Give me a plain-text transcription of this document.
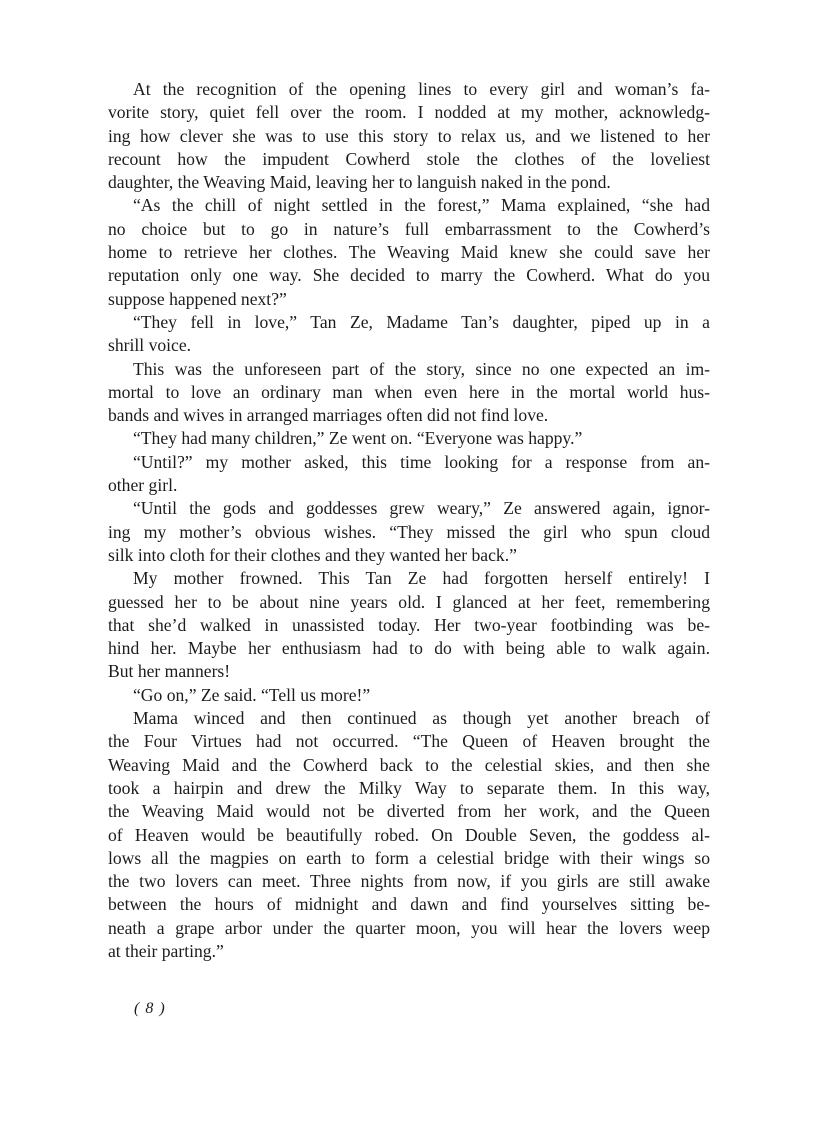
At the recognition of the opening lines to every girl and woman’s fa-

vorite story, quiet fell over the room. I nodded at my mother, acknowledg-

ing how clever she was to use this story to relax us, and we listened to her

recount how the impudent Cowherd stole the clothes of the loveliest

daughter, the Weaving Maid, leaving her to languish naked in the pond.

“As the chill of night settled in the forest,” Mama explained, “she had

no choice but to go in nature’s full embarrassment to the Cowherd’s

home to retrieve her clothes. The Weaving Maid knew she could save her

reputation only one way. She decided to marry the Cowherd. What do you

suppose happened next?”

“They fell in love,” Tan Ze, Madame Tan’s daughter, piped up in a

shrill voice.

This was the unforeseen part of the story, since no one expected an im-

mortal to love an ordinary man when even here in the mortal world hus-

bands and wives in arranged marriages often did not find love.

“They had many children,” Ze went on. “Everyone was happy.”

“Until?” my mother asked, this time looking for a response from an-

other girl.

“Until the gods and goddesses grew weary,” Ze answered again, ignor-

ing my mother’s obvious wishes. “They missed the girl who spun cloud

silk into cloth for their clothes and they wanted her back.”

My mother frowned. This Tan Ze had forgotten herself entirely! I

guessed her to be about nine years old. I glanced at her feet, remembering

that she’d walked in unassisted today. Her two-year footbinding was be-

hind her. Maybe her enthusiasm had to do with being able to walk again.

But her manners!

“Go on,” Ze said. “Tell us more!”

Mama winced and then continued as though yet another breach of

the Four Virtues had not occurred. “The Queen of Heaven brought the

Weaving Maid and the Cowherd back to the celestial skies, and then she

took a hairpin and drew the Milky Way to separate them. In this way,

the Weaving Maid would not be diverted from her work, and the Queen

of Heaven would be beautifully robed. On Double Seven, the goddess al-

lows all the magpies on earth to form a celestial bridge with their wings so

the two lovers can meet. Three nights from now, if you girls are still awake

between the hours of midnight and dawn and find yourselves sitting be-

neath a grape arbor under the quarter moon, you will hear the lovers weep

at their parting.”

( 8 )
